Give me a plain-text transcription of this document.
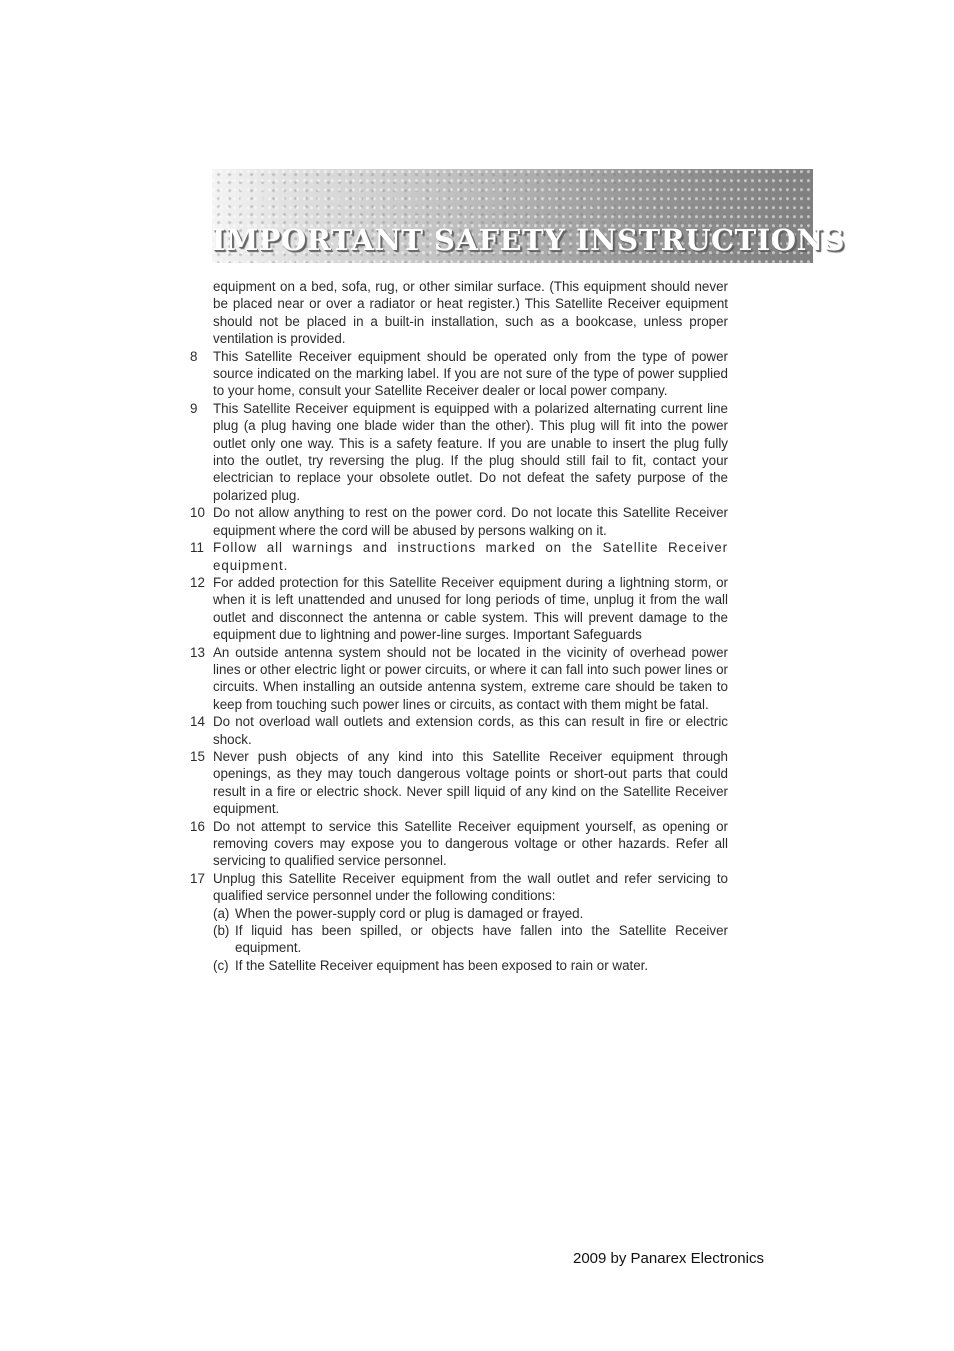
IMPORTANT SAFETY INSTRUCTIONS

equipment on a bed, sofa, rug, or other similar surface. (This equipment should never be placed near or over a radiator or heat register.) This Satellite Receiver equipment should not be placed in a built-in installation, such as a bookcase, unless proper ventilation is provided.

8	This Satellite Receiver equipment should be operated only from the type of power source indicated on the marking label. If you are not sure of the type of power supplied to your home, consult your Satellite Receiver dealer or local power company.
9	This Satellite Receiver equipment is equipped with a polarized alternating current line plug (a plug having one blade wider than the other). This plug will fit into the power outlet only one way. This is a safety feature. If you are unable to insert the plug fully into the outlet, try reversing the plug. If the plug should still fail to fit, contact your electrician to replace your obsolete outlet. Do not defeat the safety purpose of the polarized plug.
10 Do not allow anything to rest on the power cord. Do not locate this Satellite Receiver equipment where the cord will be abused by persons walking on it.
11 Follow all warnings and instructions marked on the Satellite Receiver equipment.
12 For added protection for this Satellite Receiver equipment during a lightning storm, or when it is left unattended and unused for long periods of time, unplug it from the wall outlet and disconnect the antenna or cable system. This will prevent damage to the equipment due to lightning and power-line surges. Important Safeguards
13 An outside antenna system should not be located in the vicinity of overhead power lines or other electric light or power circuits, or where it can fall into such power lines or circuits. When installing an outside antenna system, extreme care should be taken to keep from touching such power lines or circuits, as contact with them might be fatal.
14 Do not overload wall outlets and extension cords, as this can result in fire or electric shock.
15 Never push objects of any kind into this Satellite Receiver equipment through openings, as they may touch dangerous voltage points or short-out parts that could result in a fire or electric shock. Never spill liquid of any kind on the Satellite Receiver equipment.
16 Do not attempt to service this Satellite Receiver equipment yourself, as opening or removing covers may expose you to dangerous voltage or other hazards. Refer all servicing to qualified service personnel.
17 Unplug this Satellite Receiver equipment from the wall outlet and refer servicing to qualified service personnel under the following conditions:
(a) When the power-supply cord or plug is damaged or frayed.
(b) If liquid has been spilled, or objects have fallen into the Satellite Receiver equipment.
(c) If the Satellite Receiver equipment has been exposed to rain or water.
2009 by Panarex Electronics
